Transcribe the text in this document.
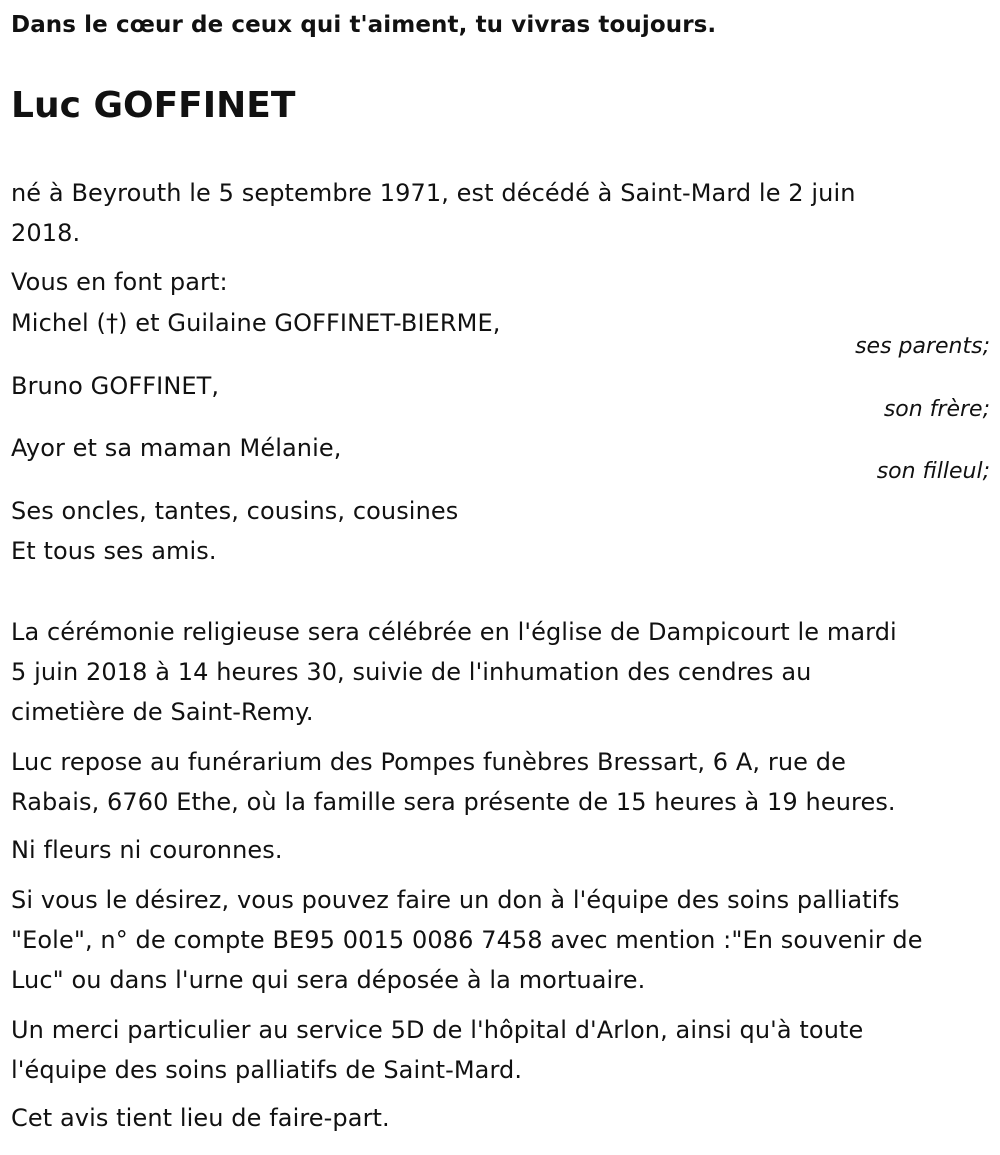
Dans le cœur de ceux qui t'aiment, tu vivras toujours.
Luc GOFFINET

né à Beyrouth le 5 septembre 1971, est décédé à Saint-Mard le 2 juin
2018.

Vous en font part:

Michel (†) et Guilaine GOFFINET-BIERME,

ses parents;

Bruno GOFFINET,

son frère;

Ayor et sa maman Mélanie,

son filleul;

Ses oncles, tantes, cousins, cousines
Et tous ses amis.

La cérémonie religieuse sera célébrée en l'église de Dampicourt le mardi
5 juin 2018 à 14 heures 30, suivie de l'inhumation des cendres au
cimetière de Saint-Remy.

Luc repose au funérarium des Pompes funèbres Bressart, 6 A, rue de
Rabais, 6760 Ethe, où la famille sera présente de 15 heures à 19 heures.

Ni fleurs ni couronnes.

Si vous le désirez, vous pouvez faire un don à l'équipe des soins palliatifs
"Eole", n° de compte BE95 0015 0086 7458 avec mention :"En souvenir de
Luc" ou dans l'urne qui sera déposée à la mortuaire.

Un merci particulier au service 5D de l'hôpital d'Arlon, ainsi qu'à toute
l'équipe des soins palliatifs de Saint-Mard.

Cet avis tient lieu de faire-part.
